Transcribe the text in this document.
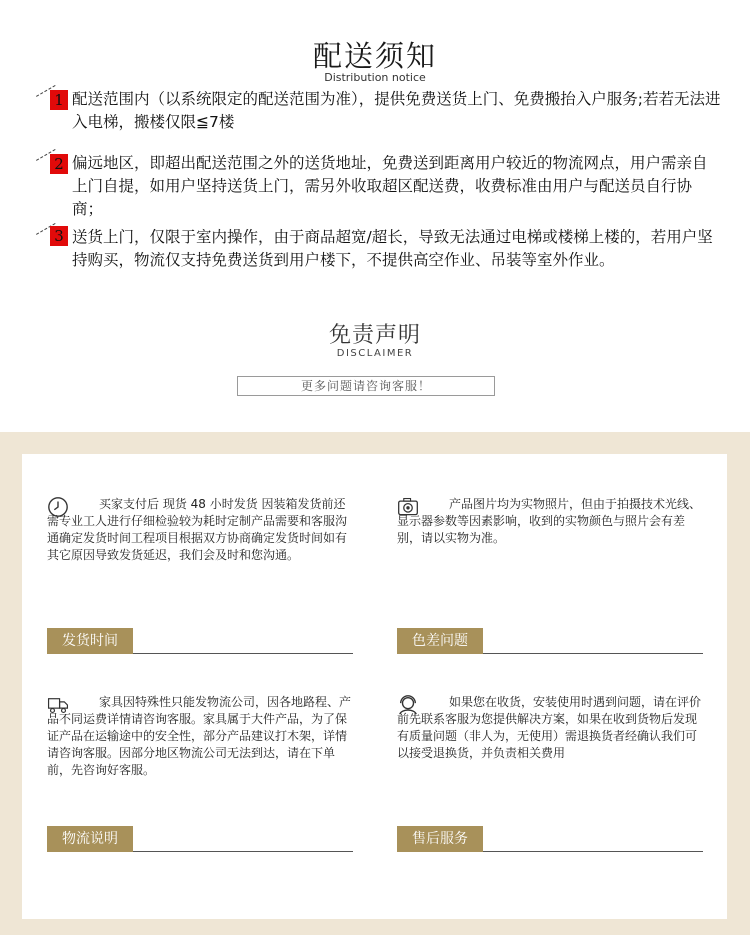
配送须知
Distribution notice
1 配送范围内（以系统限定的配送范围为准），提供免费送货上门、免费搬抬入户服务;若若无法进入电梯，搬楼仅限≦7楼
2 偏远地区，即超出配送范围之外的送货地址，免费送到距离用户较近的物流网点，用户需亲自上门自提，如用户坚持送货上门，需另外收取超区配送费，收费标准由用户与配送员自行协商；
3 送货上门，仅限于室内操作，由于商品超宽/超长，导致无法通过电梯或楼梯上楼的，若用户坚持购买，物流仅支持免费送货到用户楼下，不提供高空作业、吊装等室外作业。
免责声明
DISCLAIMER
更多问题请咨询客服！
买家支付后 现货 48 小时发货 因装箱发货前还需专业工人进行仔细检验较为耗时定制产品需要和客服沟通确定发货时间工程项目根据双方协商确定发货时间如有其它原因导致发货延迟，我们会及时和您沟通。
发货时间
产品图片均为实物照片，但由于拍摄技术光线、显示器参数等因素影响，收到的实物颜色与照片会有差别，请以实物为准。
色差问题
家具因特殊性只能发物流公司，因各地路程、产品不同运费详情请咨询客服。家具属于大件产品，为了保证产品在运输途中的安全性，部分产品建议打木架，详情请咨询客服。因部分地区物流公司无法到达，请在下单前，先咨询好客服。
物流说明
如果您在收货，安装使用时遇到问题，请在评价前先联系客服为您提供解决方案，如果在收到货物后发现有质量问题（非人为，无使用）需退换货者经确认我们可以接受退换货，并负责相关费用
售后服务
